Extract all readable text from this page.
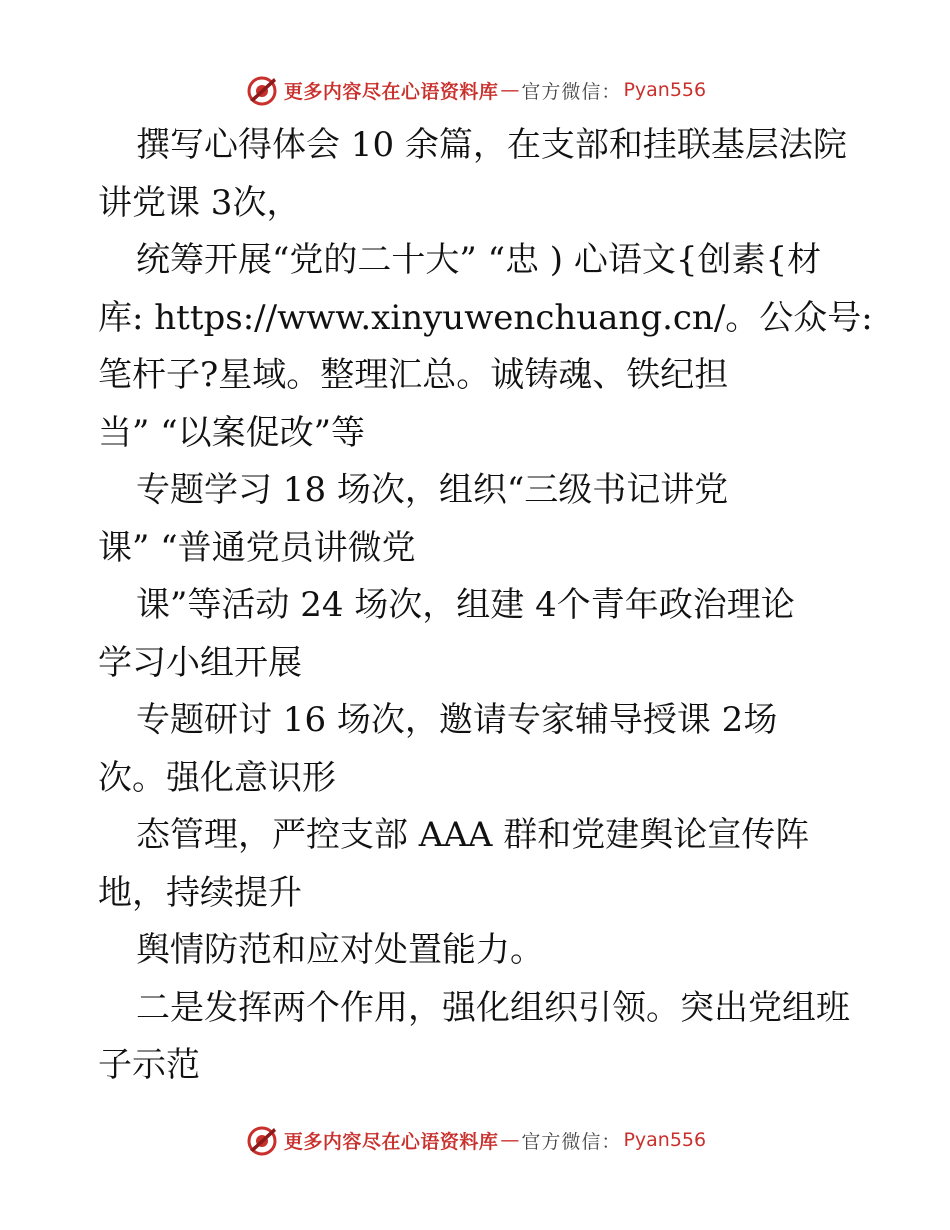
更多内容尽在心语资料库 — 官方微信： Pyan556
撰写心得体会 10 余篇，在支部和挂联基层法院
讲党课 3次，
统筹开展“党的二十大” “忠 ) 心语文{创素{材
库: https://www.xinyuwenchuang.cn/。公众号:
笔杆子?星域。整理汇总。诚铸魂、铁纪担
当” “以案促改”等
专题学习 18 场次，组织“三级书记讲党
课” “普通党员讲微党
课”等活动 24 场次，组建 4个青年政治理论
学习小组开展
专题研讨 16 场次，邀请专家辅导授课 2场
次。强化意识形
态管理，严控支部 AAA 群和党建舆论宣传阵
地，持续提升
舆情防范和应对处置能力。
二是发挥两个作用，强化组织引领。突出党组班
子示范
更多内容尽在心语资料库 — 官方微信： Pyan556
